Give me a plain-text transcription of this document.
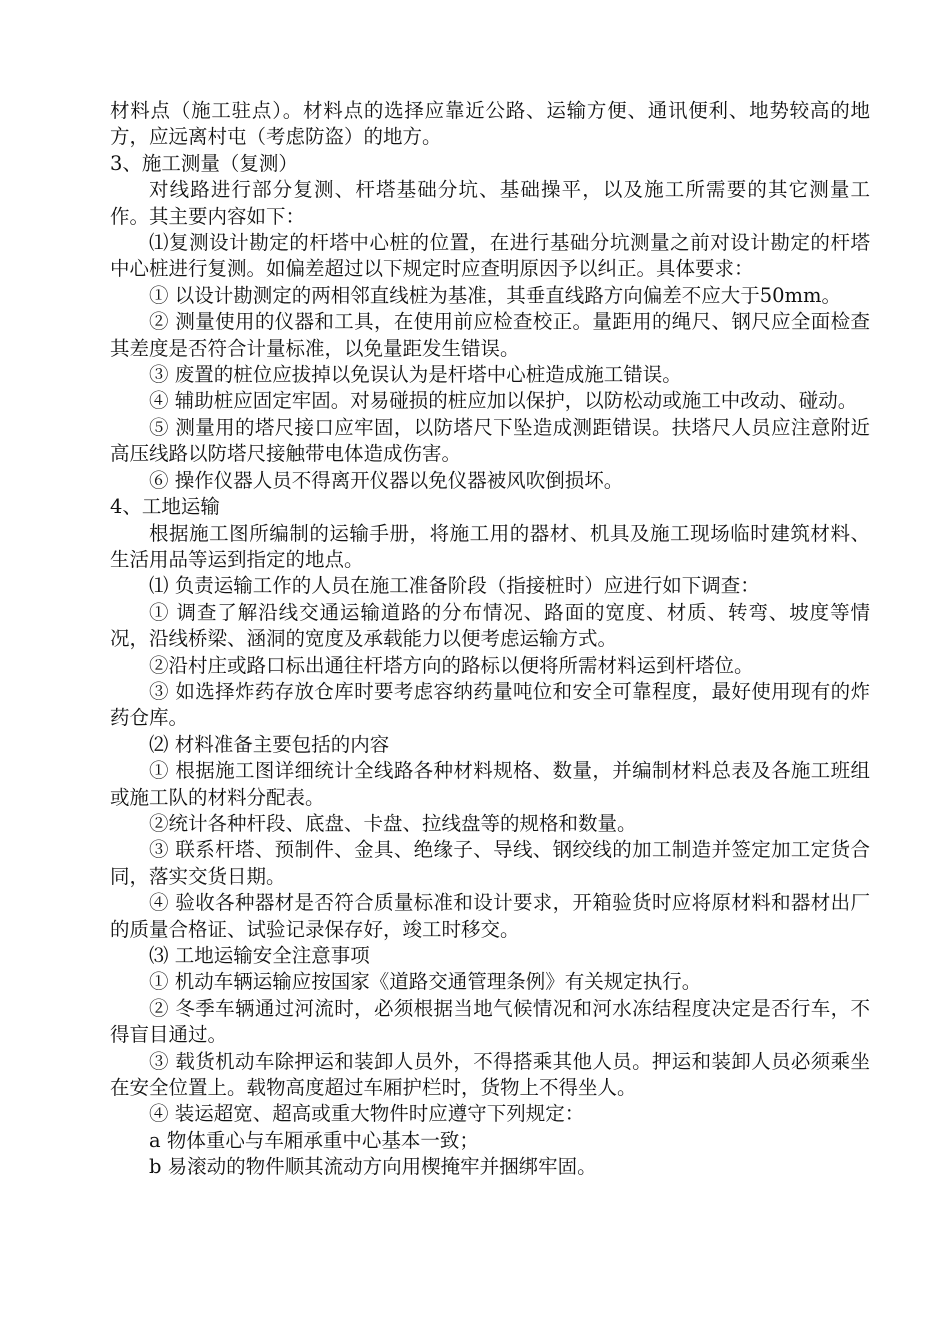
材料点（施工驻点）。材料点的选择应靠近公路、运输方便、通讯便利、地势较高的地方，应远离村屯（考虑防盗）的地方。

3、施工测量（复测）

对线路进行部分复测、杆塔基础分坑、基础操平，以及施工所需要的其它测量工作。其主要内容如下：

⑴复测设计勘定的杆塔中心桩的位置，在进行基础分坑测量之前对设计勘定的杆塔中心桩进行复测。如偏差超过以下规定时应查明原因予以纠正。具体要求：

① 以设计勘测定的两相邻直线桩为基准，其垂直线路方向偏差不应大于50mm。

② 测量使用的仪器和工具，在使用前应检查校正。量距用的绳尺、钢尺应全面检查其差度是否符合计量标准，以免量距发生错误。

③ 废置的桩位应拔掉以免误认为是杆塔中心桩造成施工错误。

④ 辅助桩应固定牢固。对易碰损的桩应加以保护，以防松动或施工中改动、碰动。

⑤ 测量用的塔尺接口应牢固，以防塔尺下坠造成测距错误。扶塔尺人员应注意附近高压线路以防塔尺接触带电体造成伤害。

⑥ 操作仪器人员不得离开仪器以免仪器被风吹倒损坏。

4、工地运输

根据施工图所编制的运输手册，将施工用的器材、机具及施工现场临时建筑材料、生活用品等运到指定的地点。

⑴ 负责运输工作的人员在施工准备阶段（指接桩时）应进行如下调查：

① 调查了解沿线交通运输道路的分布情况、路面的宽度、材质、转弯、坡度等情况，沿线桥梁、涵洞的宽度及承载能力以便考虑运输方式。

②沿村庄或路口标出通往杆塔方向的路标以便将所需材料运到杆塔位。

③ 如选择炸药存放仓库时要考虑容纳药量吨位和安全可靠程度，最好使用现有的炸药仓库。

⑵ 材料准备主要包括的内容

① 根据施工图详细统计全线路各种材料规格、数量，并编制材料总表及各施工班组或施工队的材料分配表。

②统计各种杆段、底盘、卡盘、拉线盘等的规格和数量。

③ 联系杆塔、预制件、金具、绝缘子、导线、钢绞线的加工制造并签定加工定货合同，落实交货日期。

④ 验收各种器材是否符合质量标准和设计要求，开箱验货时应将原材料和器材出厂的质量合格证、试验记录保存好，竣工时移交。

⑶ 工地运输安全注意事项

① 机动车辆运输应按国家《道路交通管理条例》有关规定执行。

② 冬季车辆通过河流时，必须根据当地气候情况和河水冻结程度决定是否行车，不得盲目通过。

③ 载货机动车除押运和装卸人员外，不得搭乘其他人员。押运和装卸人员必须乘坐在安全位置上。载物高度超过车厢护栏时，货物上不得坐人。

④ 装运超宽、超高或重大物件时应遵守下列规定：

a 物体重心与车厢承重中心基本一致；

b 易滚动的物件顺其流动方向用楔掩牢并捆绑牢固。
